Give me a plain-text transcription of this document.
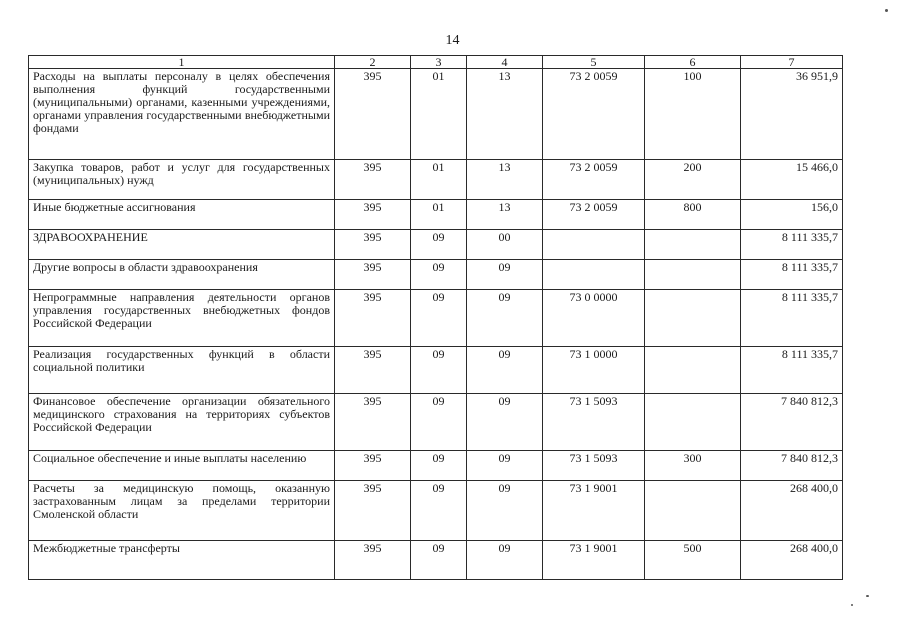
14
1	2	3	4	5	6	7
Расходы на выплаты персоналу в целях обеспечения выполнения функций государственными (муниципальными) органами, казенными учреждениями, органами управления государственными внебюджетными фондами	395	01	13	73 2 0059	100	36 951,9
Закупка товаров, работ и услуг для государственных (муниципальных) нужд	395	01	13	73 2 0059	200	15 466,0
Иные бюджетные ассигнования	395	01	13	73 2 0059	800	156,0
ЗДРАВООХРАНЕНИЕ	395	09	00			8 111 335,7
Другие вопросы в области здравоохранения	395	09	09			8 111 335,7
Непрограммные направления деятельности органов управления государственных внебюджетных фондов Российской Федерации	395	09	09	73 0 0000		8 111 335,7
Реализация государственных функций в области социальной политики	395	09	09	73 1 0000		8 111 335,7
Финансовое обеспечение организации обязательного медицинского страхования на территориях субъектов Российской Федерации	395	09	09	73 1 5093		7 840 812,3
Социальное обеспечение и иные выплаты населению	395	09	09	73 1 5093	300	7 840 812,3
Расчеты за медицинскую помощь, оказанную застрахованным лицам за пределами территории Смоленской области	395	09	09	73 1 9001		268 400,0
Межбюджетные трансферты	395	09	09	73 1 9001	500	268 400,0
